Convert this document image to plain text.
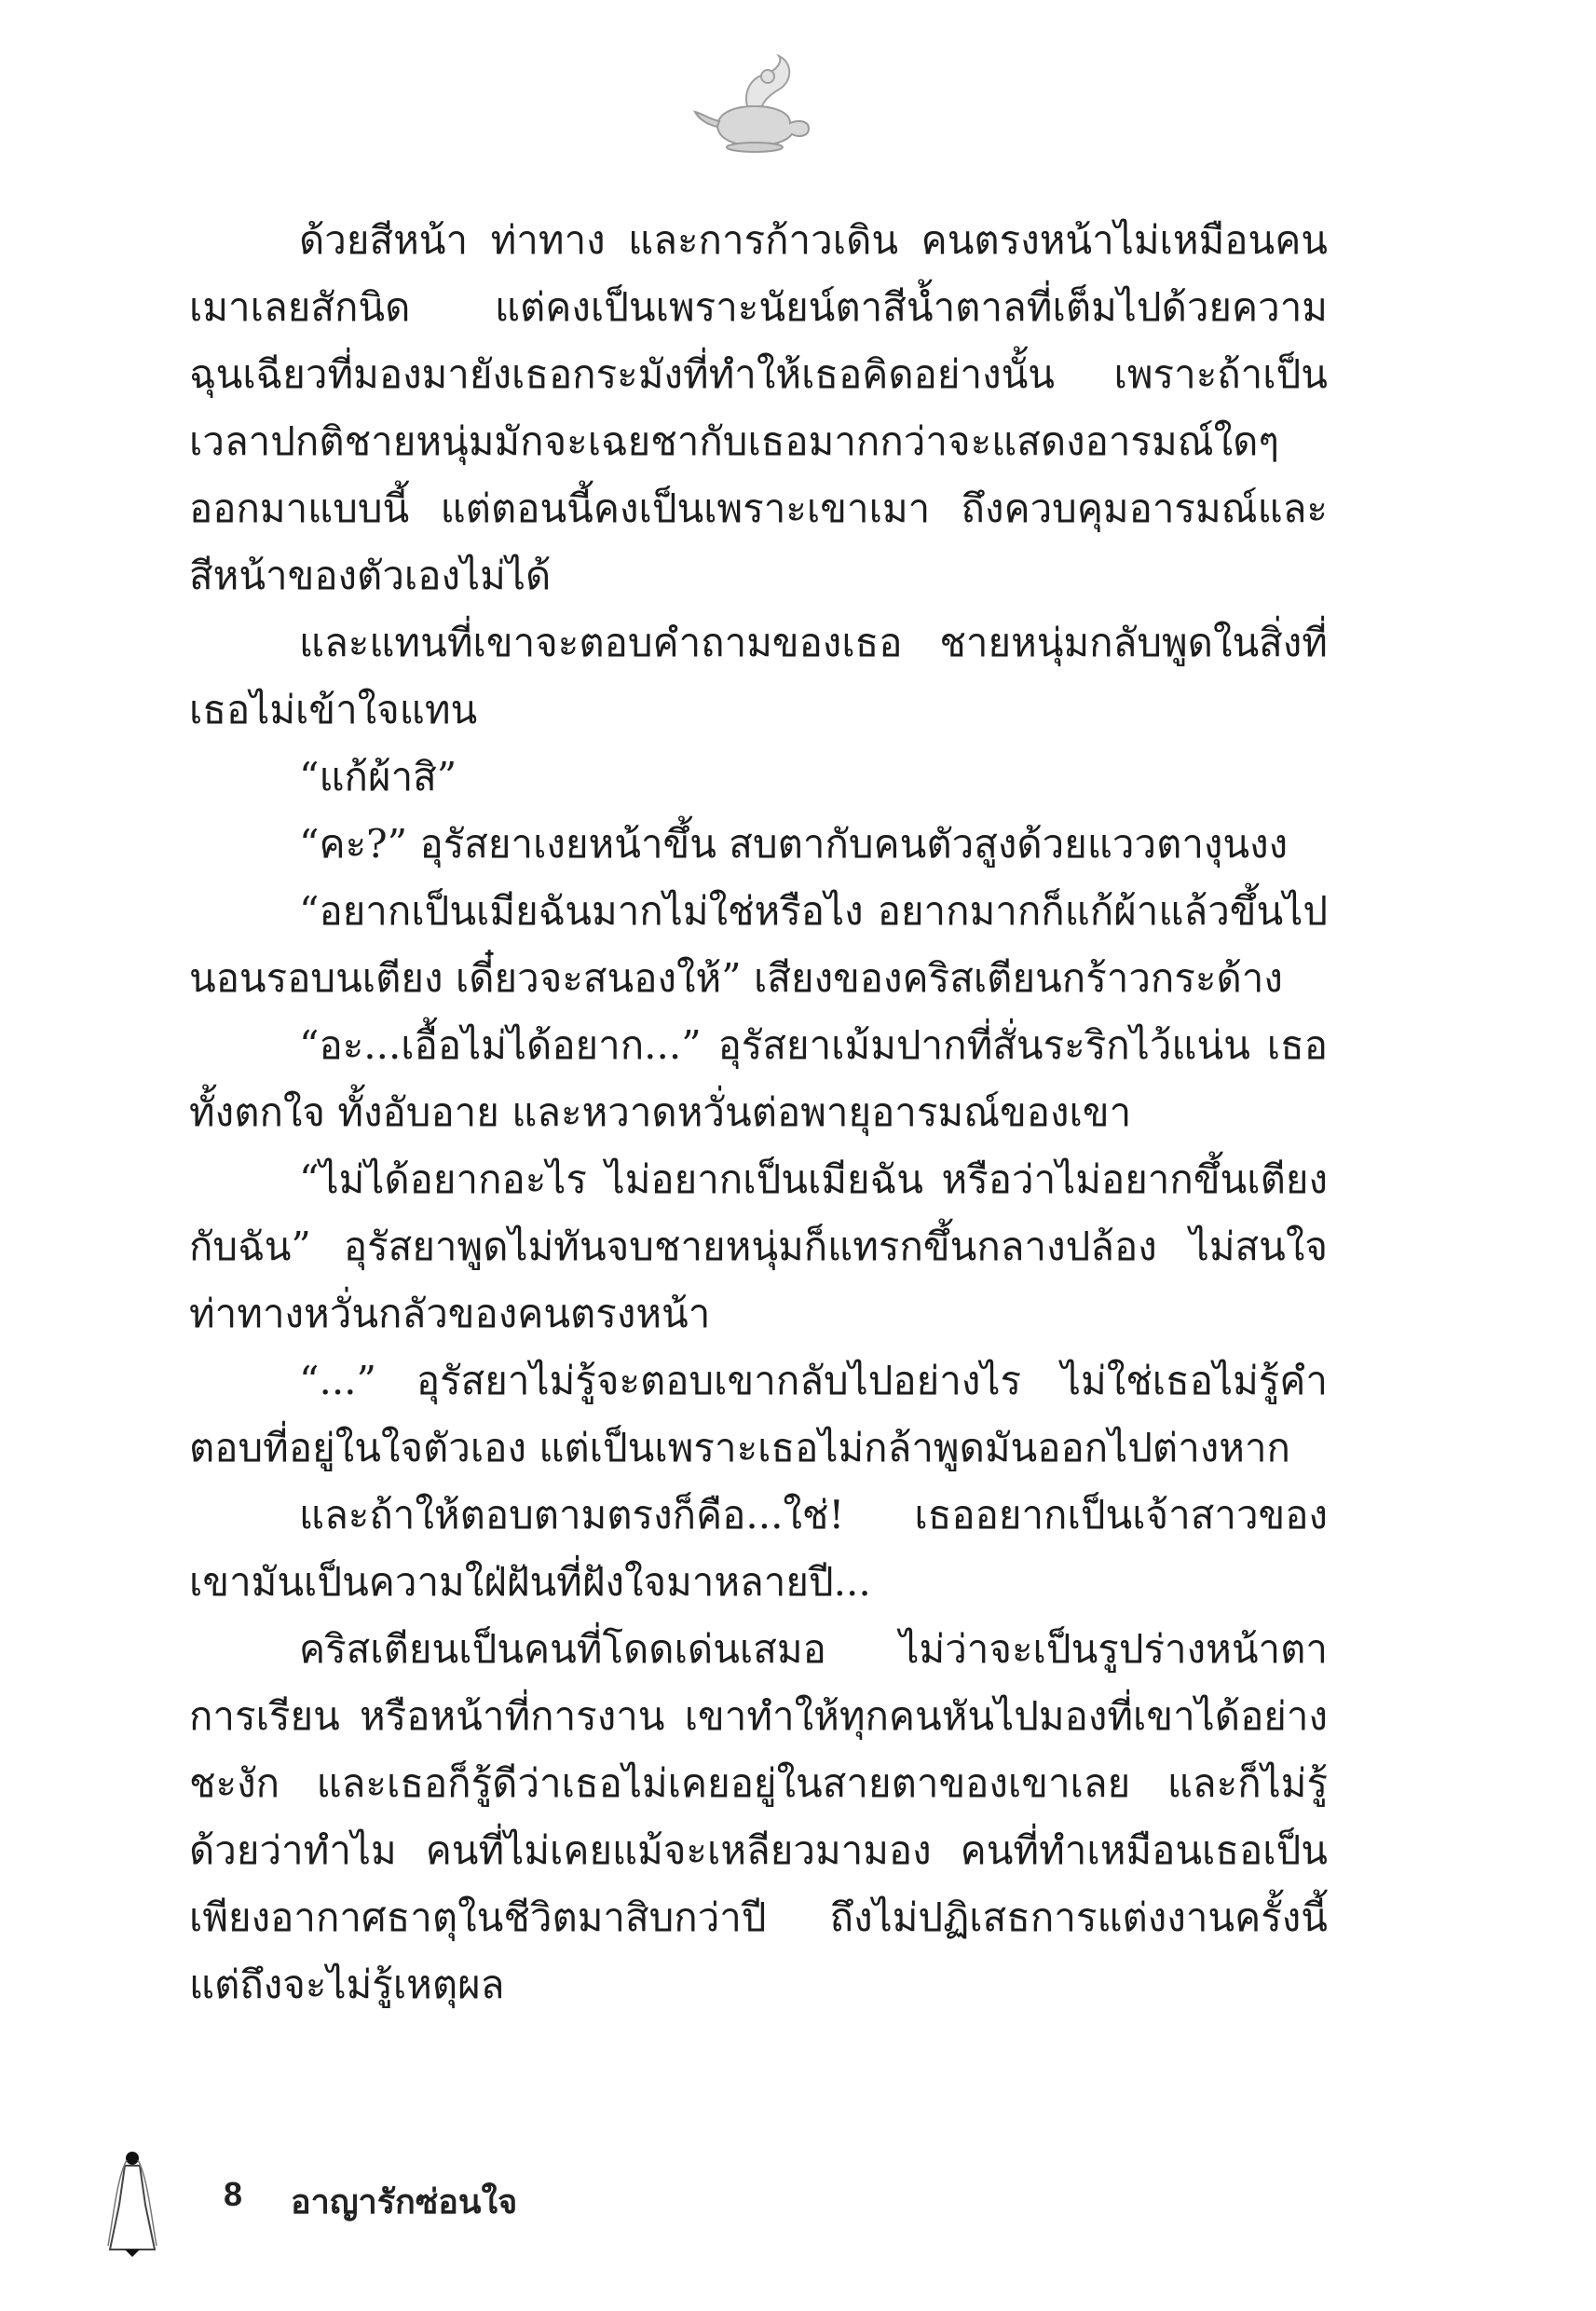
ด้วยสีหน้า ท่าทาง และการก้าวเดิน คนตรงหน้าไม่เหมือนคนเมาเลยสักนิด แต่คงเป็นเพราะนัยน์ตาสีน้ำตาลที่เต็มไปด้วยความฉุนเฉียวที่มองมายังเธอกระมังที่ทำให้เธอคิดอย่างนั้น เพราะถ้าเป็นเวลาปกติชายหนุ่มมักจะเฉยชากับเธอมากกว่าจะแสดงอารมณ์ใดๆ ออกมาแบบนี้ แต่ตอนนี้คงเป็นเพราะเขาเมา ถึงควบคุมอารมณ์และสีหน้าของตัวเองไม่ได้

และแทนที่เขาจะตอบคำถามของเธอ ชายหนุ่มกลับพูดในสิ่งที่เธอไม่เข้าใจแทน

“แก้ผ้าสิ”

“คะ?” อุรัสยาเงยหน้าขึ้น สบตากับคนตัวสูงด้วยแววตางุนงง

“อยากเป็นเมียฉันมากไม่ใช่หรือไง อยากมากก็แก้ผ้าแล้วขึ้นไปนอนรอบนเตียง เดี๋ยวจะสนองให้” เสียงของคริสเตียนกร้าวกระด้าง

“อะ...เอื้อไม่ได้อยาก...” อุรัสยาเม้มปากที่สั่นระริกไว้แน่น เธอทั้งตกใจ ทั้งอับอาย และหวาดหวั่นต่อพายุอารมณ์ของเขา

“ไม่ได้อยากอะไร ไม่อยากเป็นเมียฉัน หรือว่าไม่อยากขึ้นเตียงกับฉัน” อุรัสยาพูดไม่ทันจบชายหนุ่มก็แทรกขึ้นกลางปล้อง ไม่สนใจท่าทางหวั่นกลัวของคนตรงหน้า

“...” อุรัสยาไม่รู้จะตอบเขากลับไปอย่างไร ไม่ใช่เธอไม่รู้คำตอบที่อยู่ในใจตัวเอง แต่เป็นเพราะเธอไม่กล้าพูดมันออกไปต่างหาก

และถ้าให้ตอบตามตรงก็คือ...ใช่! เธออยากเป็นเจ้าสาวของเขามันเป็นความใฝ่ฝันที่ฝังใจมาหลายปี...

คริสเตียนเป็นคนที่โดดเด่นเสมอ ไม่ว่าจะเป็นรูปร่างหน้าตา การเรียน หรือหน้าที่การงาน เขาทำให้ทุกคนหันไปมองที่เขาได้อย่างชะงัก และเธอก็รู้ดีว่าเธอไม่เคยอยู่ในสายตาของเขาเลย และก็ไม่รู้ด้วยว่าทำไม คนที่ไม่เคยแม้จะเหลียวมามอง คนที่ทำเหมือนเธอเป็นเพียงอากาศธาตุในชีวิตมาสิบกว่าปี ถึงไม่ปฏิเสธการแต่งงานครั้งนี้ แต่ถึงจะไม่รู้เหตุผล

8 อาญารักซ่อนใจ
